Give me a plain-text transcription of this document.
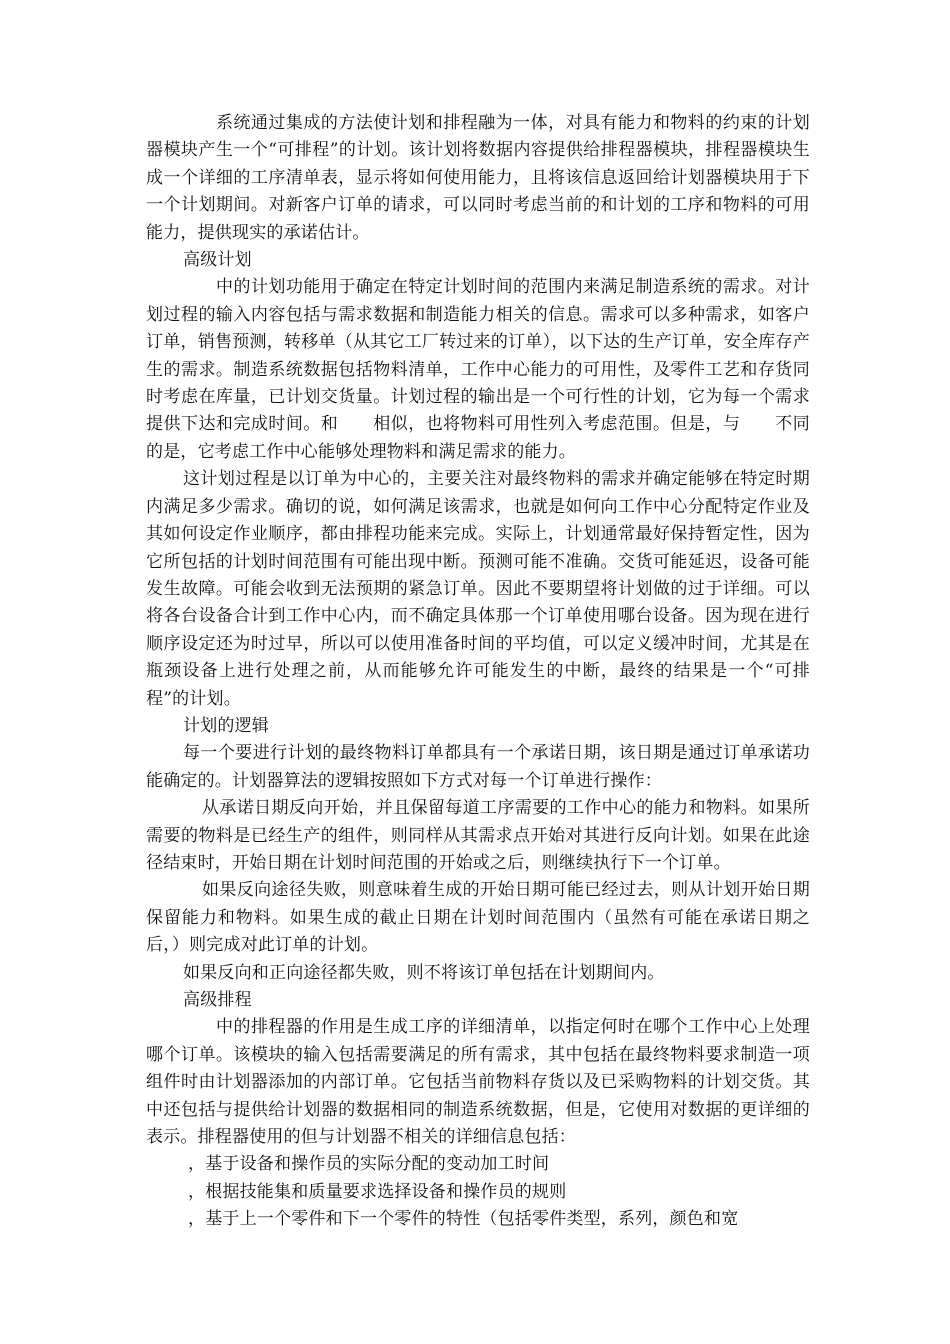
系统通过集成的方法使计划和排程融为一体，对具有能力和物料的约束的计划器模块产生一个“可排程”的计划。该计划将数据内容提供给排程器模块，排程器模块生成一个详细的工序清单表，显示将如何使用能力，且将该信息返回给计划器模块用于下一个计划期间。对新客户订单的请求，可以同时考虑当前的和计划的工序和物料的可用能力，提供现实的承诺估计。

高级计划

中的计划功能用于确定在特定计划时间的范围内来满足制造系统的需求。对计划过程的输入内容包括与需求数据和制造能力相关的信息。需求可以多种需求，如客户订单，销售预测，转移单（从其它工厂转过来的订单），以下达的生产订单，安全库存产生的需求。制造系统数据包括物料清单，工作中心能力的可用性，及零件工艺和存货同时考虑在库量，已计划交货量。计划过程的输出是一个可行性的计划，它为每一个需求提供下达和完成时间。和　　相似，也将物料可用性列入考虑范围。但是，与　　不同的是，它考虑工作中心能够处理物料和满足需求的能力。

这计划过程是以订单为中心的，主要关注对最终物料的需求并确定能够在特定时期内满足多少需求。确切的说，如何满足该需求，也就是如何向工作中心分配特定作业及其如何设定作业顺序，都由排程功能来完成。实际上，计划通常最好保持暂定性，因为它所包括的计划时间范围有可能出现中断。预测可能不准确。交货可能延迟，设备可能发生故障。可能会收到无法预期的紧急订单。因此不要期望将计划做的过于详细。可以将各台设备合计到工作中心内，而不确定具体那一个订单使用哪台设备。因为现在进行顺序设定还为时过早，所以可以使用准备时间的平均值，可以定义缓冲时间，尤其是在瓶颈设备上进行处理之前，从而能够允许可能发生的中断，最终的结果是一个“可排程”的计划。

计划的逻辑

每一个要进行计划的最终物料订单都具有一个承诺日期，该日期是通过订单承诺功能确定的。计划器算法的逻辑按照如下方式对每一个订单进行操作：

从承诺日期反向开始，并且保留每道工序需要的工作中心的能力和物料。如果所需要的物料是已经生产的组件，则同样从其需求点开始对其进行反向计划。如果在此途径结束时，开始日期在计划时间范围的开始或之后，则继续执行下一个订单。

如果反向途径失败，则意味着生成的开始日期可能已经过去，则从计划开始日期保留能力和物料。如果生成的截止日期在计划时间范围内（虽然有可能在承诺日期之后，）则完成对此订单的计划。

如果反向和正向途径都失败，则不将该订单包括在计划期间内。

高级排程

中的排程器的作用是生成工序的详细清单，以指定何时在哪个工作中心上处理哪个订单。该模块的输入包括需要满足的所有需求，其中包括在最终物料要求制造一项组件时由计划器添加的内部订单。它包括当前物料存货以及已采购物料的计划交货。其中还包括与提供给计划器的数据相同的制造系统数据，但是，它使用对数据的更详细的表示。排程器使用的但与计划器不相关的详细信息包括：

，基于设备和操作员的实际分配的变动加工时间

，根据技能集和质量要求选择设备和操作员的规则

，基于上一个零件和下一个零件的特性（包括零件类型，系列，颜色和宽
